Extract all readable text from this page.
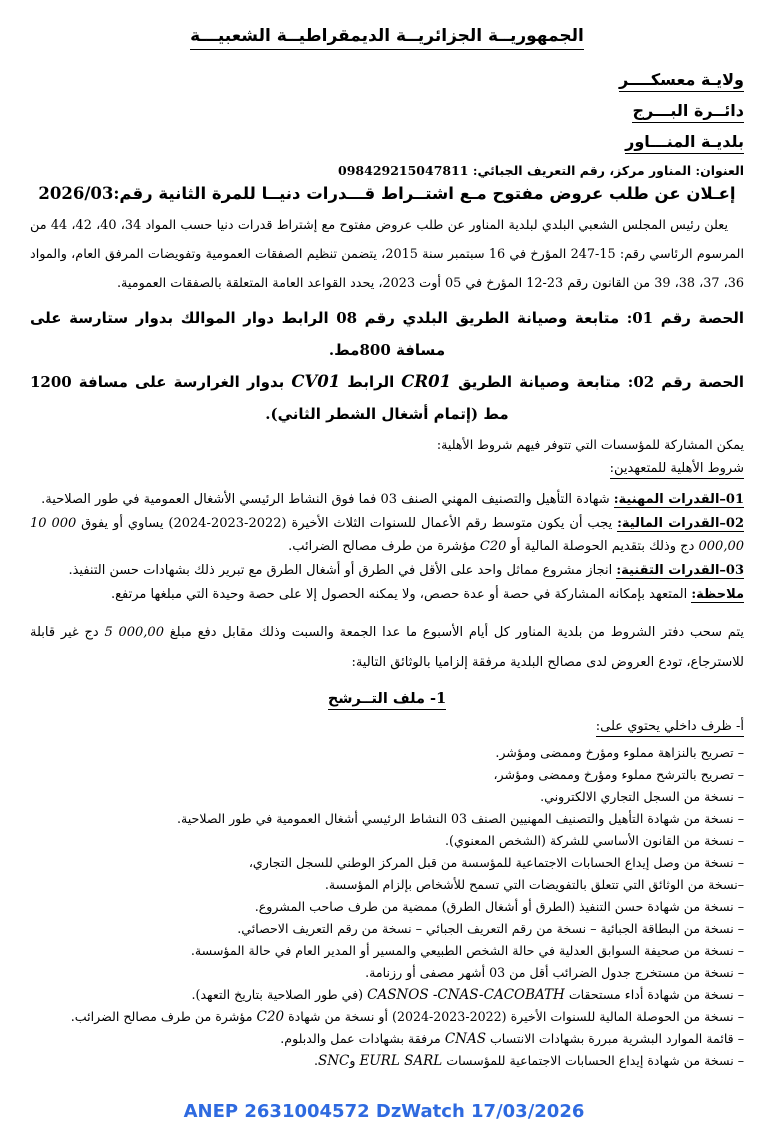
الجمهوريــة الجزائريــة الديمقراطيــة الشعبيـــة
ولايـة معسكــــر
دائــرة البـــرج
بلديـة المنـــاور
العنوان: المناور مركز، رقم التعريف الجبائي: 098429215047811
إعـلان عن طلب عروض مفتوح مـع اشتــراط قـــدرات دنيــا للمرة الثانية رقم:2026/03

يعلن رئيس المجلس الشعبي البلدي لبلدية المناور عن طلب عروض مفتوح مع إشتراط قدرات دنيا حسب المواد 34، 40، 42، 44 من المرسوم الرئاسي رقم: 15-247 المؤرخ في 16 سبتمبر سنة 2015، يتضمن تنظيم الصفقات العمومية وتفويضات المرفق العام، والمواد 36، 37، 38، 39 من القانون رقم 23-12 المؤرخ في 05 أوت 2023، يحدد القواعد العامة المتعلقة بالصفقات العمومية.

الحصة رقم 01: متابعة وصيانة الطريق البلدي رقم 08 الرابط دوار الموالك بدوار ستارسة على مسافة 800مط.

الحصة رقم 02: متابعة وصيانة الطريق CR01 الرابط CV01 بدوار الغرارسة على مسافة 1200 مط (إتمام أشغال الشطر الثاني).

يمكن المشاركة للمؤسسات التي تتوفر فيهم شروط الأهلية:
شروط الأهلية للمتعهدين:

01–القدرات المهنية: شهادة التأهيل والتصنيف المهني الصنف 03 فما فوق النشاط الرئيسي الأشغال العمومية في طور الصلاحية.

02–القدرات المالية: يجب أن يكون متوسط رقم الأعمال للسنوات الثلاث الأخيرة (2022-2023-2024) يساوي أو يفوق 10 000 000,00 دج وذلك بتقديم الحوصلة المالية أو C20 مؤشرة من طرف مصالح الضرائب.

03–القدرات التقنية: انجاز مشروع مماثل واحد على الأقل في الطرق أو أشغال الطرق مع تبرير ذلك بشهادات حسن التنفيذ.

ملاحظة: المتعهد بإمكانه المشاركة في حصة أو عدة حصص، ولا يمكنه الحصول إلا على حصة وحيدة التي مبلغها مرتفع.

يتم سحب دفتر الشروط من بلدية المناور كل أيام الأسبوع ما عدا الجمعة والسبت وذلك مقابل دفع مبلغ 5 000,00 دج غير قابلة للاسترجاع، تودع العروض لدى مصالح البلدية مرفقة إلزاميا بالوثائق التالية:

1- ملف التــرشح
أ- ظرف داخلي يحتوي على:

– تصريح بالنزاهة مملوء ومؤرخ وممضى ومؤشر.

– تصريح بالترشح مملوء ومؤرخ وممضى ومؤشر،

– نسخة من السجل التجاري الالكتروني.

– نسخة من شهادة التأهيل والتصنيف المهنيين الصنف 03 النشاط الرئيسي أشغال العمومية في طور الصلاحية.

– نسخة من القانون الأساسي للشركة (الشخص المعنوي).

– نسخة من وصل إيداع الحسابات الاجتماعية للمؤسسة من قبل المركز الوطني للسجل التجاري،

–نسخة من الوثائق التي تتعلق بالتفويضات التي تسمح للأشخاص بإلزام المؤسسة.

– نسخة من شهادة حسن التنفيذ (الطرق أو أشغال الطرق) ممضية من طرف صاحب المشروع.

– نسخة من البطاقة الجبائية – نسخة من رقم التعريف الجبائي – نسخة من رقم التعريف الاحصائي.

– نسخة من صحيفة السوابق العدلية في حالة الشخص الطبيعي والمسير أو المدير العام في حالة المؤسسة.

– نسخة من مستخرج جدول الضرائب أقل من 03 أشهر مصفى أو رزنامة.

– نسخة من شهادة أداء مستحقات CASNOS -CNAS-CACOBATH (في طور الصلاحية بتاريخ التعهد).

– نسخة من الحوصلة المالية للسنوات الأخيرة (2022-2023-2024) أو نسخة من شهادة C20 مؤشرة من طرف مصالح الضرائب.

– قائمة الموارد البشرية مبررة بشهادات الانتساب CNAS مرفقة بشهادات عمل والدبلوم.

– نسخة من شهادة إيداع الحسابات الاجتماعية للمؤسسات EURL SARL وSNC.

ANEP 2631004572 DzWatch 17/03/2026
